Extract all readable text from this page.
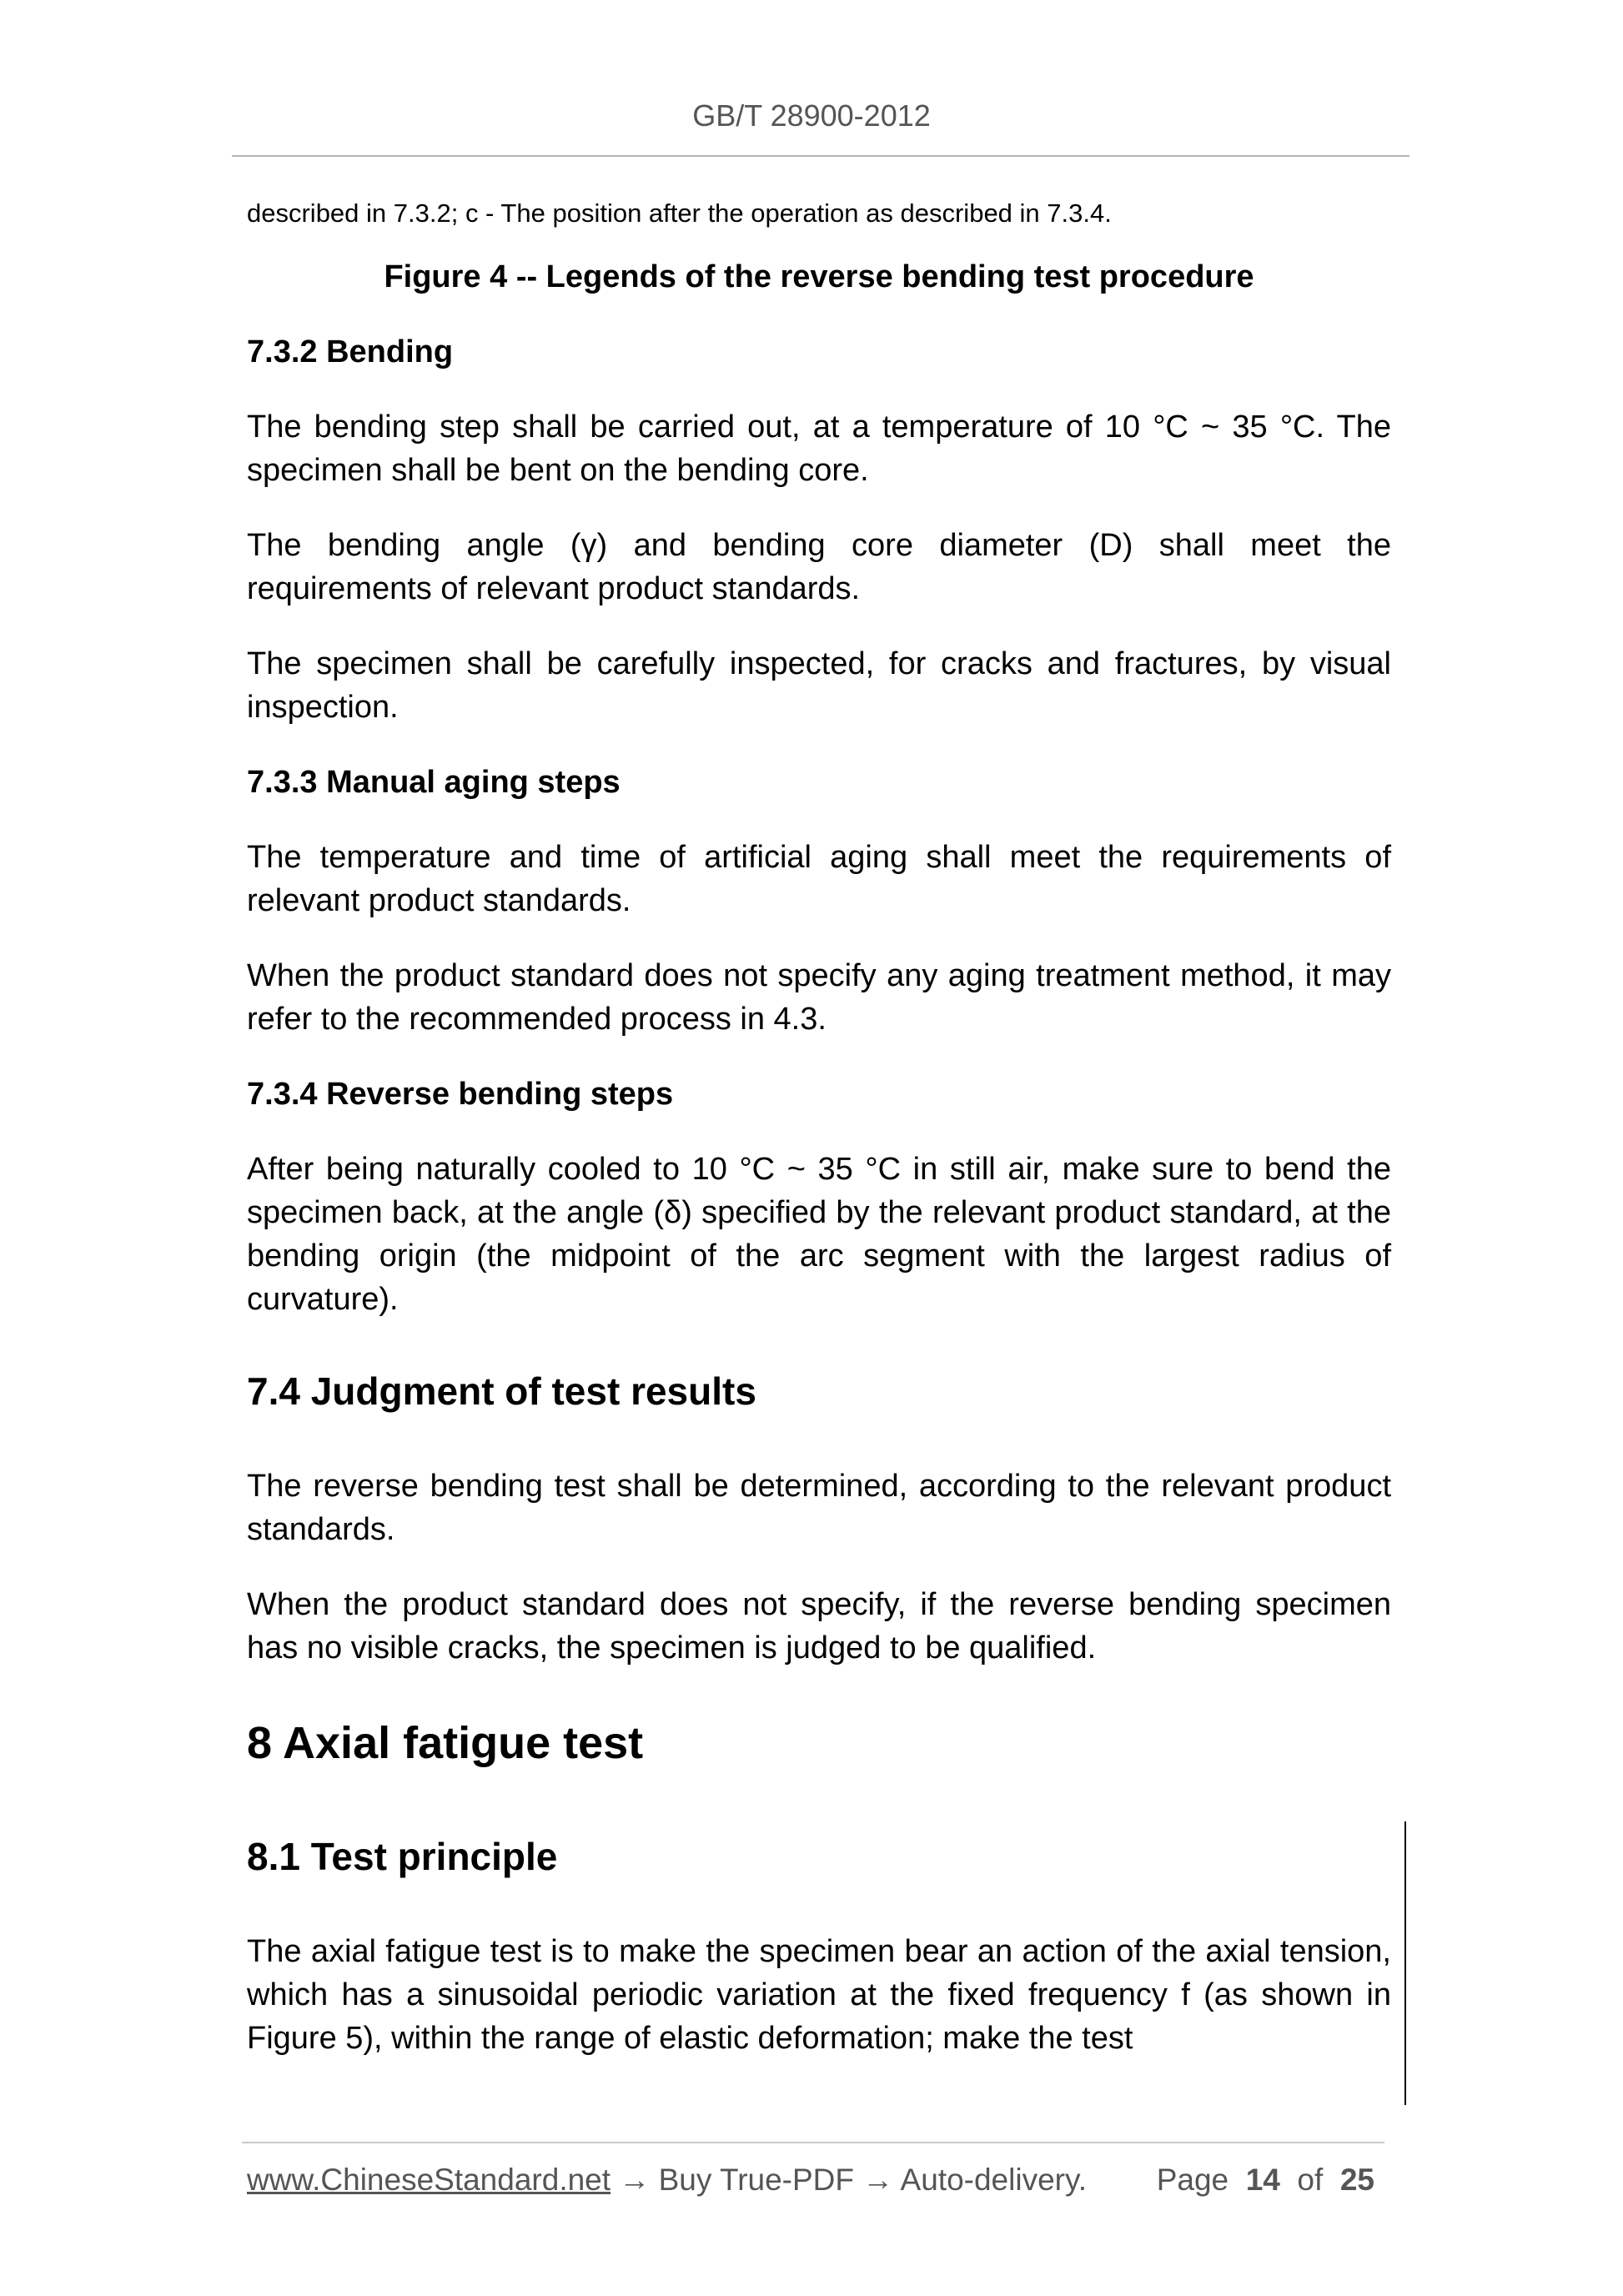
GB/T 28900-2012

described in 7.3.2; c - The position after the operation as described in 7.3.4.

Figure 4 -- Legends of the reverse bending test procedure

7.3.2 Bending

The bending step shall be carried out, at a temperature of 10 °C ~ 35 °C. The specimen shall be bent on the bending core.

The bending angle (γ) and bending core diameter (D) shall meet the requirements of relevant product standards.

The specimen shall be carefully inspected, for cracks and fractures, by visual inspection.

7.3.3 Manual aging steps

The temperature and time of artificial aging shall meet the requirements of relevant product standards.

When the product standard does not specify any aging treatment method, it may refer to the recommended process in 4.3.

7.3.4 Reverse bending steps

After being naturally cooled to 10 °C ~ 35 °C in still air, make sure to bend the specimen back, at the angle (δ) specified by the relevant product standard, at the bending origin (the midpoint of the arc segment with the largest radius of curvature).

7.4 Judgment of test results

The reverse bending test shall be determined, according to the relevant product standards.

When the product standard does not specify, if the reverse bending specimen has no visible cracks, the specimen is judged to be qualified.

8 Axial fatigue test
8.1 Test principle

The axial fatigue test is to make the specimen bear an action of the axial tension, which has a sinusoidal periodic variation at the fixed frequency f (as shown in Figure 5), within the range of elastic deformation; make the test

www.ChineseStandard.net → Buy True-PDF → Auto-delivery. Page 14 of 25
